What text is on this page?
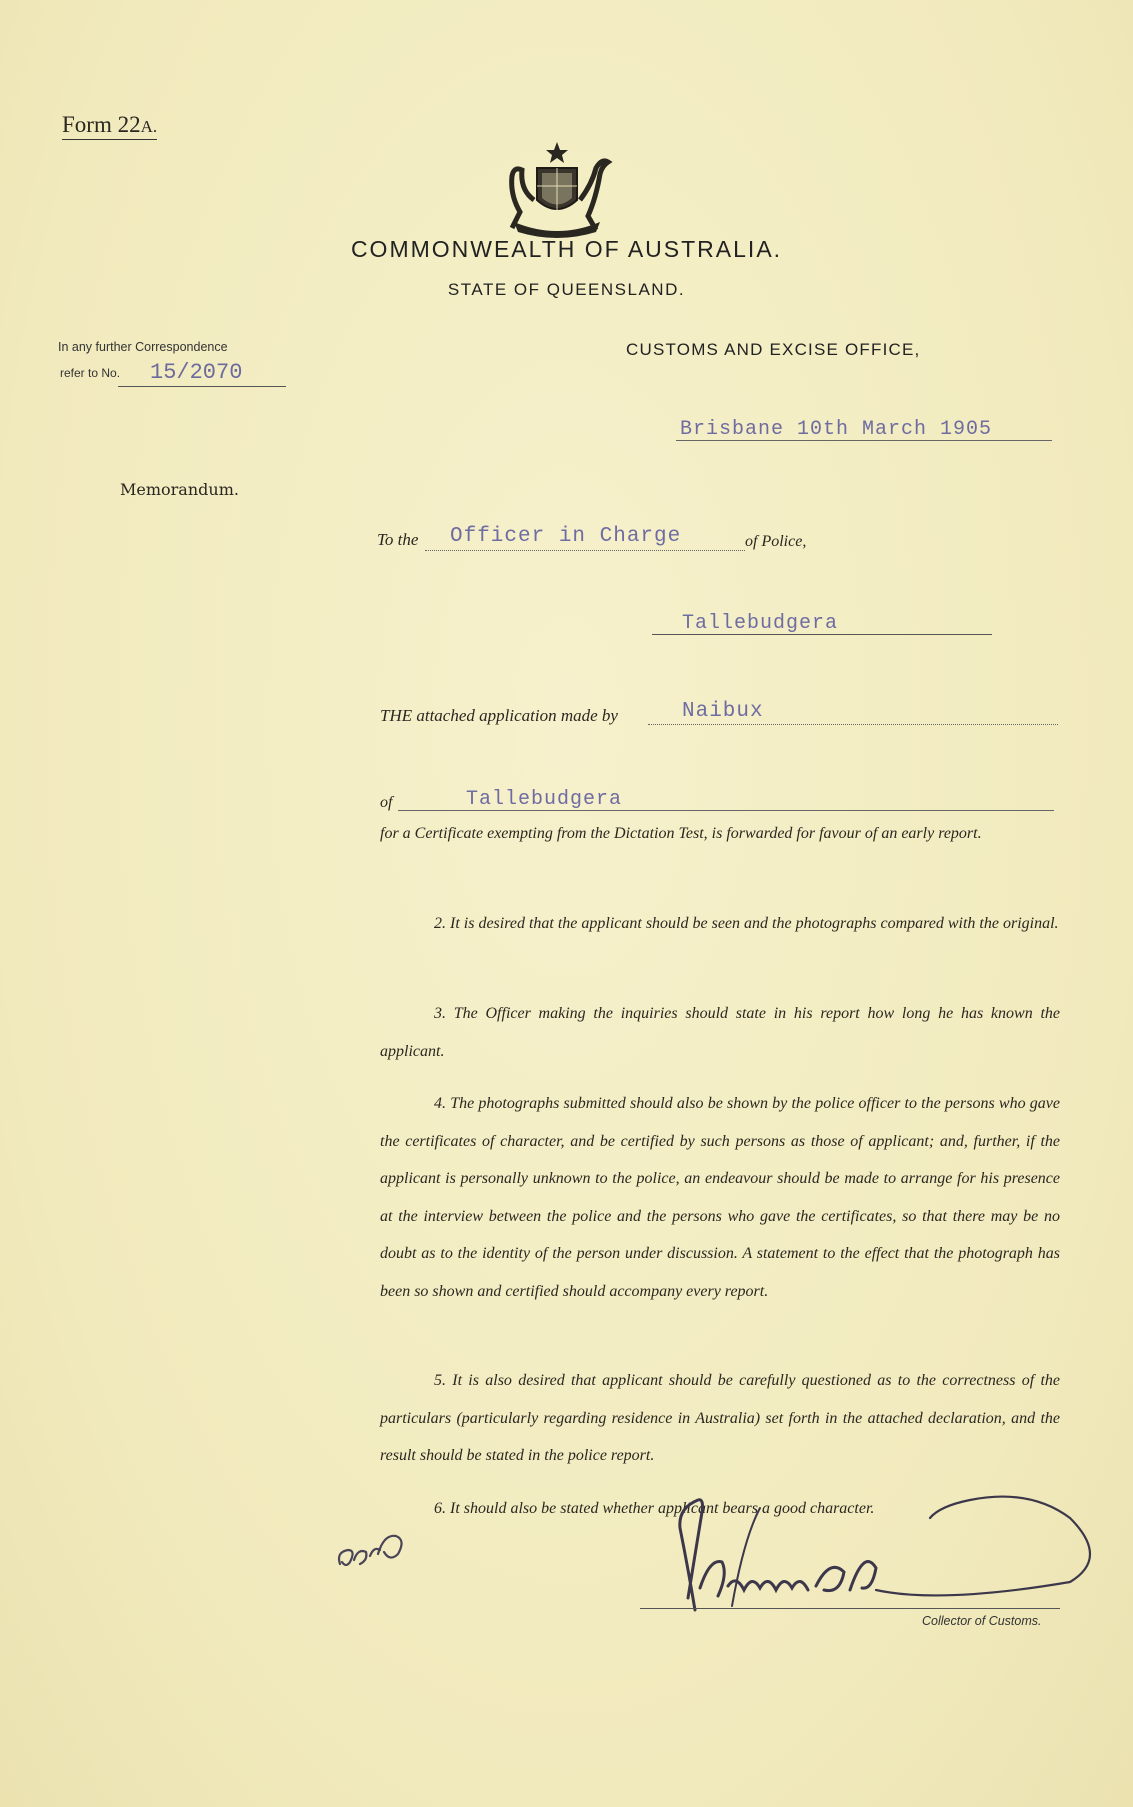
Form 22A.
COMMONWEALTH OF AUSTRALIA.
STATE OF QUEENSLAND.
In any further Correspondence
refer to No. 15/2070
CUSTOMS AND EXCISE OFFICE,
Brisbane 10th March 1905
Memorandum.
To the Officer in Charge	of Police,
Tallebudgera
THE attached application made by	Naibux
of	Tallebudgera
for a Certificate exempting from the Dictation Test, is forwarded for favour of an early report.
2. It is desired that the applicant should be seen and the photographs compared with the original.
3. The Officer making the inquiries should state in his report how long he has known the applicant.
4. The photographs submitted should also be shown by the police officer to the persons who gave the certificates of character, and be certified by such persons as those of applicant; and, further, if the applicant is personally unknown to the police, an endeavour should be made to arrange for his presence at the interview between the police and the persons who gave the certificates, so that there may be no doubt as to the identity of the person under discussion. A statement to the effect that the photograph has been so shown and certified should accompany every report.
5. It is also desired that applicant should be carefully questioned as to the correctness of the particulars (particularly regarding residence in Australia) set forth in the attached declaration, and the result should be stated in the police report.
6. It should also be stated whether applicant bears a good character.
Collector of Customs.
